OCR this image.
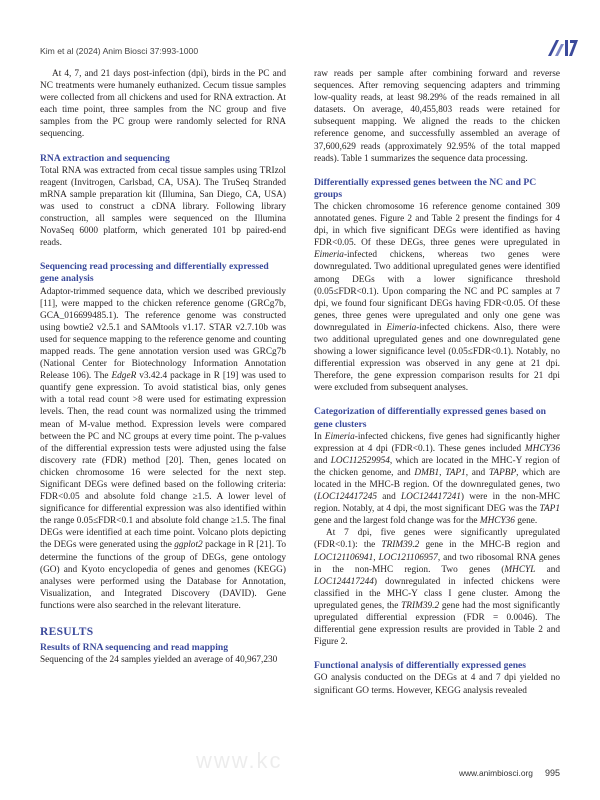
Kim et al (2024) Anim Biosci 37:993-1000

At 4, 7, and 21 days post-infection (dpi), birds in the PC and NC treatments were humanely euthanized. Cecum tissue samples were collected from all chickens and used for RNA extraction. At each time point, three samples from the NC group and five samples from the PC group were randomly selected for RNA sequencing.

RNA extraction and sequencing

Total RNA was extracted from cecal tissue samples using TRIzol reagent (Invitrogen, Carlsbad, CA, USA). The TruSeq Stranded mRNA sample preparation kit (Illumina, San Diego, CA, USA) was used to construct a cDNA library. Following library construction, all samples were sequenced on the Illumina NovaSeq 6000 platform, which generated 101 bp paired-end reads.

Sequencing read processing and differentially expressed gene analysis

Adaptor-trimmed sequence data, which we described previously [11], were mapped to the chicken reference genome (GRCg7b, GCA_016699485.1). The reference genome was constructed using bowtie2 v2.5.1 and SAMtools v1.17. STAR v2.7.10b was used for sequence mapping to the reference genome and counting mapped reads. The gene annotation version used was GRCg7b (National Center for Biotechnology Information Annotation Release 106). The EdgeR v3.42.4 package in R [19] was used to quantify gene expression. To avoid statistical bias, only genes with a total read count >8 were used for estimating expression levels. Then, the read count was normalized using the trimmed mean of M-value method. Expression levels were compared between the PC and NC groups at every time point. The p-values of the differential expression tests were adjusted using the false discovery rate (FDR) method [20]. Then, genes located on chicken chromosome 16 were selected for the next step. Significant DEGs were defined based on the following criteria: FDR<0.05 and absolute fold change ≥1.5. A lower level of significance for differential expression was also identified within the range 0.05≤FDR<0.1 and absolute fold change ≥1.5. The final DEGs were identified at each time point. Volcano plots depicting the DEGs were generated using the ggplot2 package in R [21]. To determine the functions of the group of DEGs, gene ontology (GO) and Kyoto encyclopedia of genes and genomes (KEGG) analyses were performed using the Database for Annotation, Visualization, and Integrated Discovery (DAVID). Gene functions were also searched in the relevant literature.

RESULTS
Results of RNA sequencing and read mapping

Sequencing of the 24 samples yielded an average of 40,967,230

raw reads per sample after combining forward and reverse sequences. After removing sequencing adapters and trimming low-quality reads, at least 98.29% of the reads remained in all datasets. On average, 40,455,803 reads were retained for subsequent mapping. We aligned the reads to the chicken reference genome, and successfully assembled an average of 37,600,629 reads (approximately 92.95% of the total mapped reads). Table 1 summarizes the sequence data processing.

Differentially expressed genes between the NC and PC groups

The chicken chromosome 16 reference genome contained 309 annotated genes. Figure 2 and Table 2 present the findings for 4 dpi, in which five significant DEGs were identified as having FDR<0.05. Of these DEGs, three genes were upregulated in Eimeria-infected chickens, whereas two genes were downregulated. Two additional upregulated genes were identified among DEGs with a lower significance threshold (0.05≤FDR<0.1). Upon comparing the NC and PC samples at 7 dpi, we found four significant DEGs having FDR<0.05. Of these genes, three genes were upregulated and only one gene was downregulated in Eimeria-infected chickens. Also, there were two additional upregulated genes and one downregulated gene showing a lower significance level (0.05≤FDR<0.1). Notably, no differential expression was observed in any gene at 21 dpi. Therefore, the gene expression comparison results for 21 dpi were excluded from subsequent analyses.

Categorization of differentially expressed genes based on gene clusters

In Eimeria-infected chickens, five genes had significantly higher expression at 4 dpi (FDR<0.1). These genes included MHCY36 and LOC112529954, which are located in the MHC-Y region of the chicken genome, and DMB1, TAP1, and TAPBP, which are located in the MHC-B region. Of the downregulated genes, two (LOC124417245 and LOC124417241) were in the non-MHC region. Notably, at 4 dpi, the most significant DEG was the TAP1 gene and the largest fold change was for the MHCY36 gene.

At 7 dpi, five genes were significantly upregulated (FDR<0.1): the TRIM39.2 gene in the MHC-B region and LOC121106941, LOC121106957, and two ribosomal RNA genes in the non-MHC region. Two genes (MHCYL and LOC124417244) downregulated in infected chickens were classified in the MHC-Y class I gene cluster. Among the upregulated genes, the TRIM39.2 gene had the most significantly upregulated differential expression (FDR = 0.0046). The differential gene expression results are provided in Table 2 and Figure 2.

Functional analysis of differentially expressed genes

GO analysis conducted on the DEGs at 4 and 7 dpi yielded no significant GO terms. However, KEGG analysis revealed

www.kc	www.animbiosci.org 995
